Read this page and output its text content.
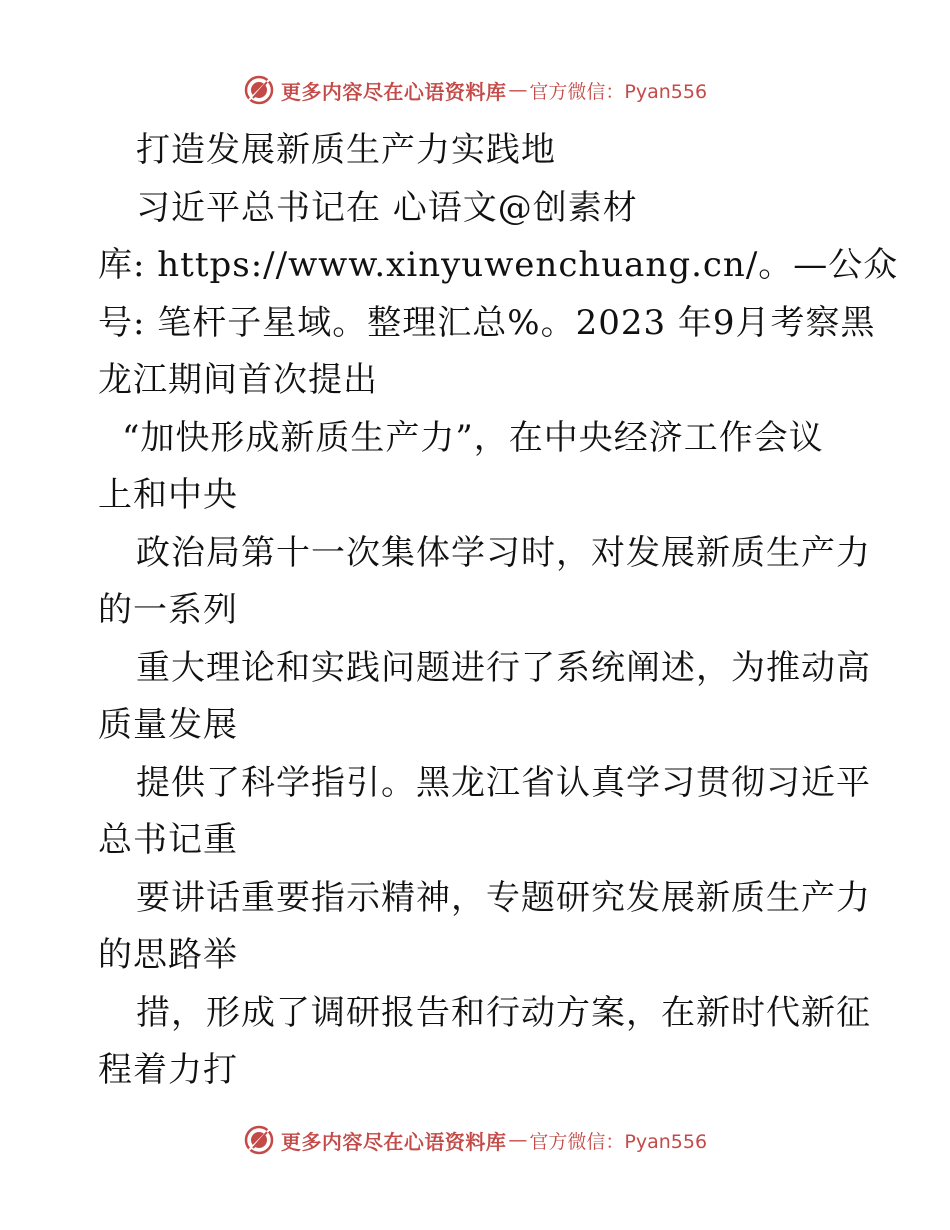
更多内容尽在心语资料库 — 官方微信：Pyan556
打造发展新质生产力实践地
习近平总书记在 心语文@创素材
库: https://www.xinyuwenchuang.cn/。—公众
号: 笔杆子星域。整理汇总%。2023 年9月考察黑
龙江期间首次提出
“加快形成新质生产力”，在中央经济工作会议
上和中央
政治局第十一次集体学习时，对发展新质生产力
的一系列
重大理论和实践问题进行了系统阐述，为推动高
质量发展
提供了科学指引。黑龙江省认真学习贯彻习近平
总书记重
要讲话重要指示精神，专题研究发展新质生产力
的思路举
措，形成了调研报告和行动方案，在新时代新征
程着力打
更多内容尽在心语资料库 — 官方微信：Pyan556
